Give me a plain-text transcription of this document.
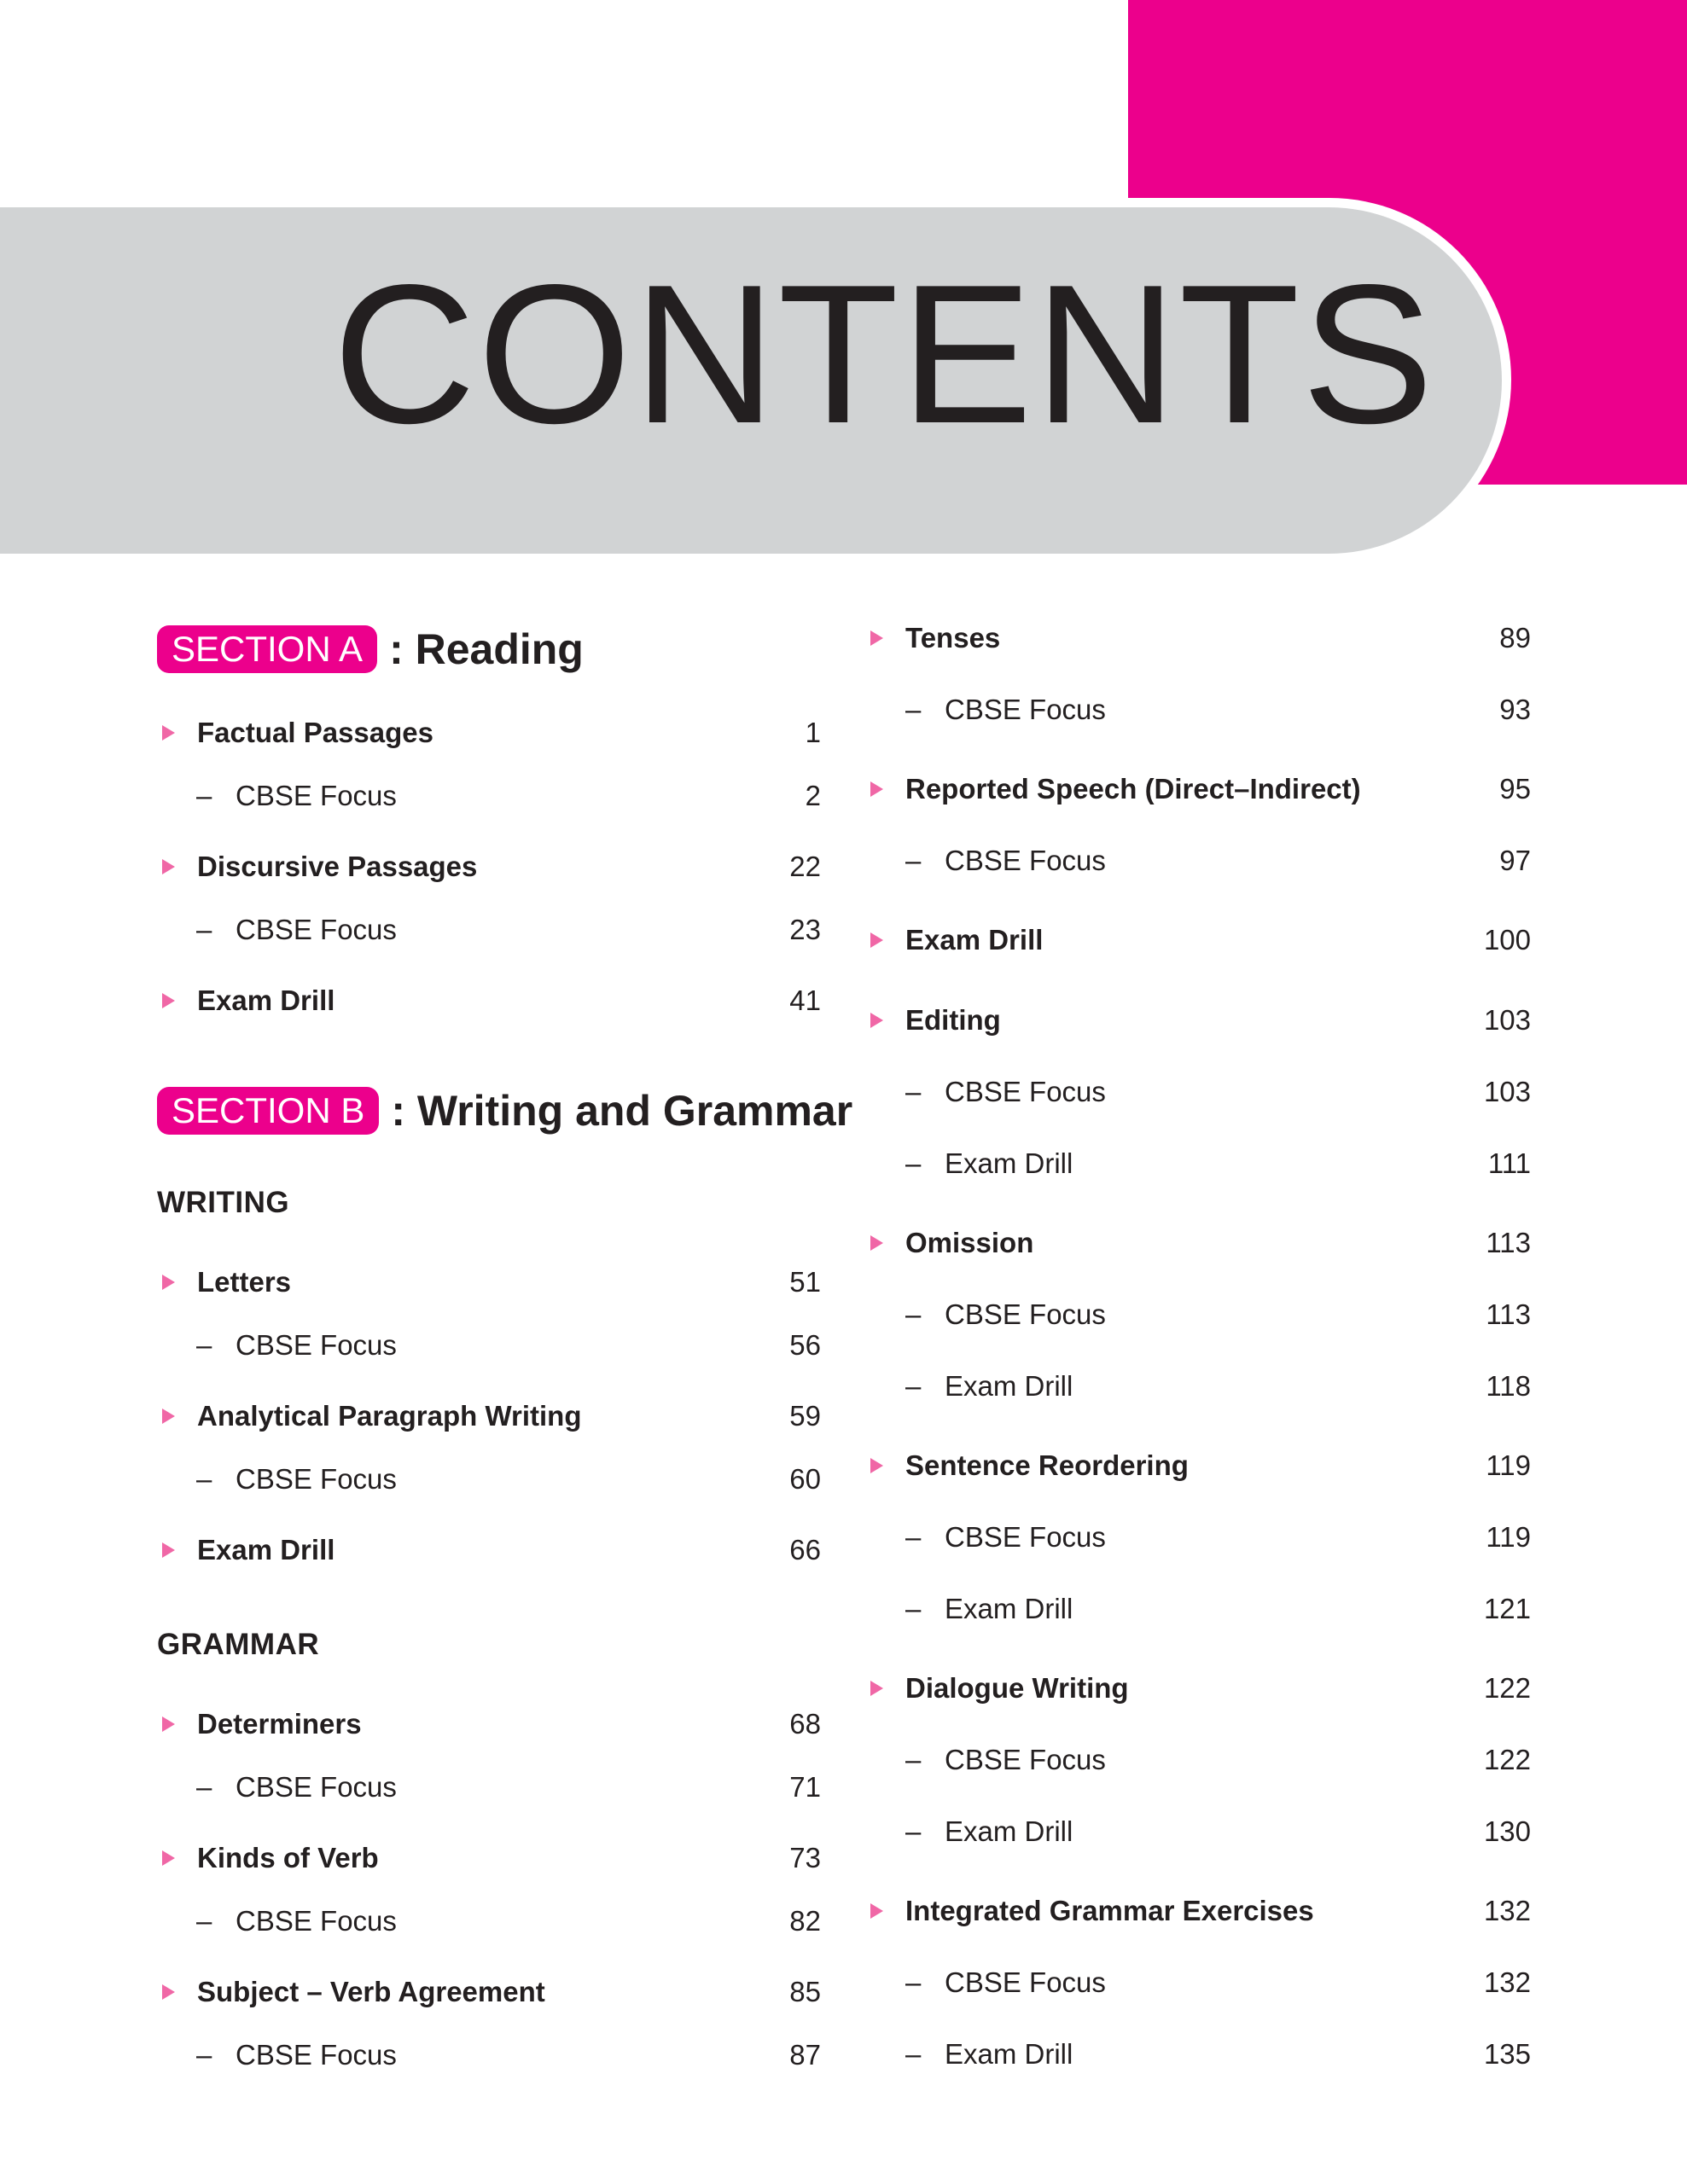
CONTENTS
SECTION A : Reading
Factual Passages	1
– CBSE Focus	2
Discursive Passages	22
– CBSE Focus	23
Exam Drill	41
SECTION B : Writing and Grammar
WRITING
Letters	51
– CBSE Focus	56
Analytical Paragraph Writing	59
– CBSE Focus	60
Exam Drill	66
GRAMMAR
Determiners	68
– CBSE Focus	71
Kinds of Verb	73
– CBSE Focus	82
Subject – Verb Agreement	85
– CBSE Focus	87
Tenses	89
– CBSE Focus	93
Reported Speech (Direct–Indirect)	95
– CBSE Focus	97
Exam Drill	100
Editing	103
– CBSE Focus	103
– Exam Drill	111
Omission	113
– CBSE Focus	113
– Exam Drill	118
Sentence Reordering	119
– CBSE Focus	119
– Exam Drill	121
Dialogue Writing	122
– CBSE Focus	122
– Exam Drill	130
Integrated Grammar Exercises	132
– CBSE Focus	132
– Exam Drill	135
